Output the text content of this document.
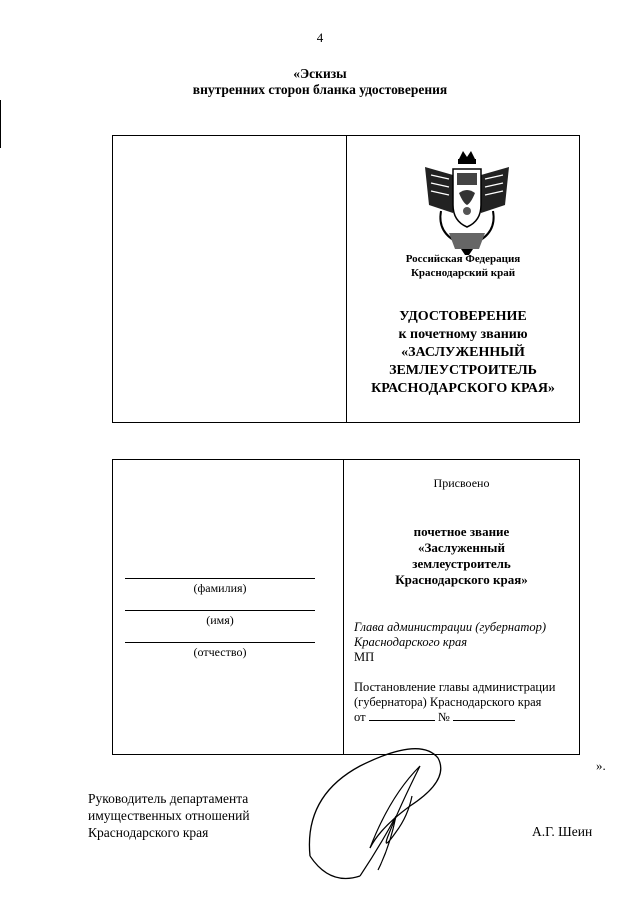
4
«Эскизы
внутренних сторон бланка удостоверения
Российская Федерация
Краснодарский край
УДОСТОВЕРЕНИЕ
к почетному званию
«ЗАСЛУЖЕННЫЙ
ЗЕМЛЕУСТРОИТЕЛЬ
КРАСНОДАРСКОГО КРАЯ»
(фамилия)
(имя)
(отчество)
Присвоено
почетное звание
«Заслуженный
землеустроитель
Краснодарского края»
Глава администрации (губернатор)
Краснодарского края
МП
Постановление главы администрации
(губернатора) Краснодарского края
от	№
».
Руководитель департамента
имущественных отношений
Краснодарского края	А.Г. Шеин
